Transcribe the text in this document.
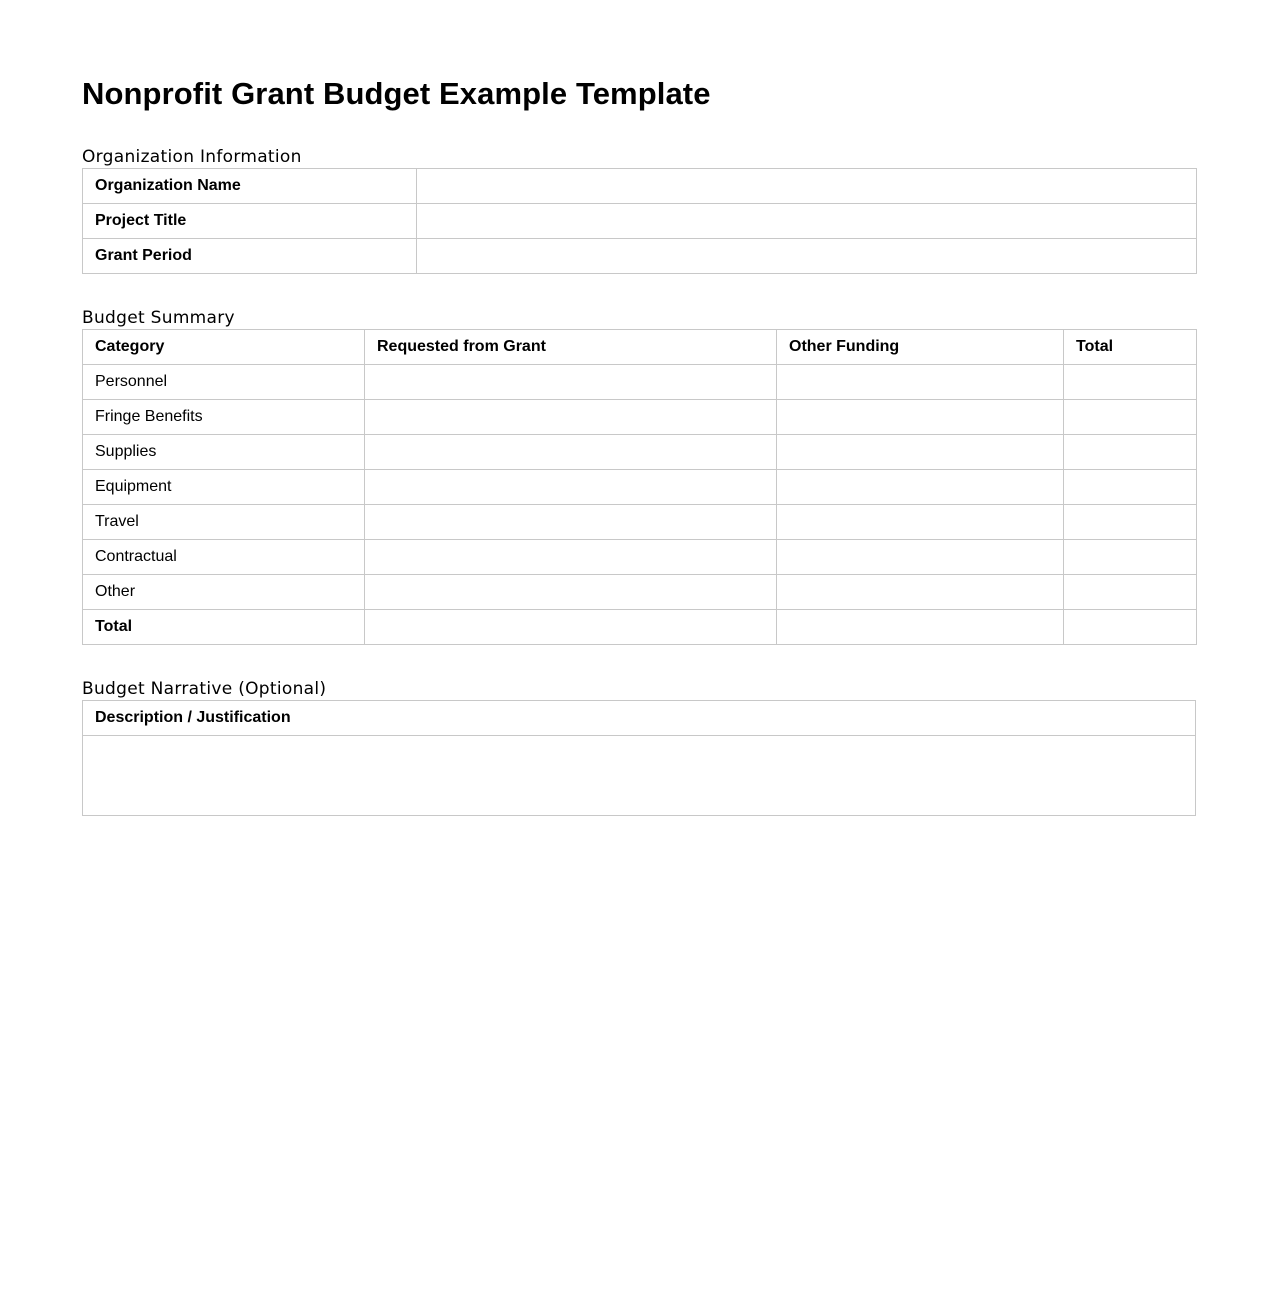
Nonprofit Grant Budget Example Template
Organization Information
Organization Name	
Project Title	
Grant Period	
Budget Summary
Category	Requested from Grant	Other Funding	Total
Personnel			
Fringe Benefits			
Supplies			
Equipment			
Travel			
Contractual			
Other			
Total			
Budget Narrative (Optional)
Description / Justification
